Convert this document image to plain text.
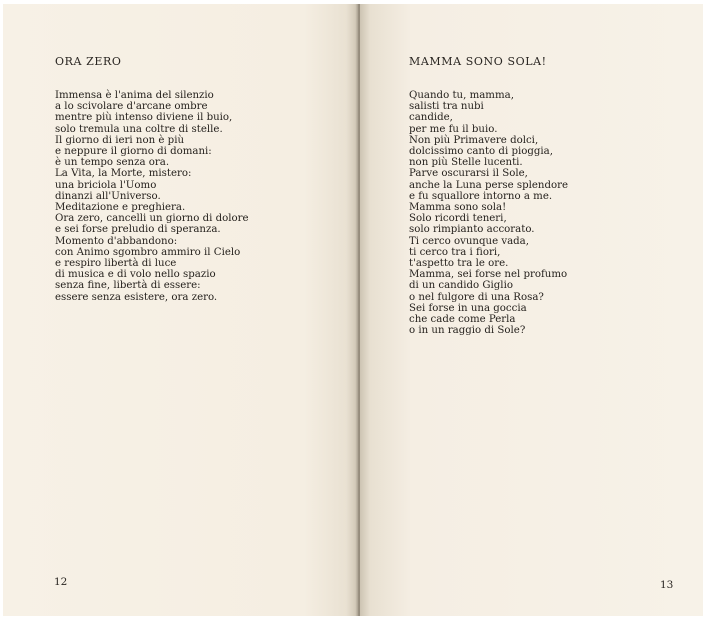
ORA ZERO
Immensa è l'anima del silenzio
a lo scivolare d'arcane ombre
mentre più intenso diviene il buio,
solo tremula una coltre di stelle.
Il giorno di ieri non è più
e neppure il giorno di domani:
è un tempo senza ora.
La Vita, la Morte, mistero:
una briciola l'Uomo
dinanzi all'Universo.
Meditazione e preghiera.
Ora zero, cancelli un giorno di dolore
e sei forse preludio di speranza.
Momento d'abbandono:
con Animo sgombro ammiro il Cielo
e respiro libertà di luce
di musica e di volo nello spazio
senza fine, libertà di essere:
essere senza esistere, ora zero.
12
MAMMA SONO SOLA!
Quando tu, mamma,
salisti tra nubi
candide,
per me fu il buio.
Non più Primavere dolci,
dolcissimo canto di pioggia,
non più Stelle lucenti.
Parve oscurarsi il Sole,
anche la Luna perse splendore
e fu squallore intorno a me.
Mamma sono sola!
Solo ricordi teneri,
solo rimpianto accorato.
Ti cerco ovunque vada,
ti cerco tra i fiori,
t'aspetto tra le ore.
Mamma, sei forse nel profumo
di un candido Giglio
o nel fulgore di una Rosa?
Sei forse in una goccia
che cade come Perla
o in un raggio di Sole?
13
